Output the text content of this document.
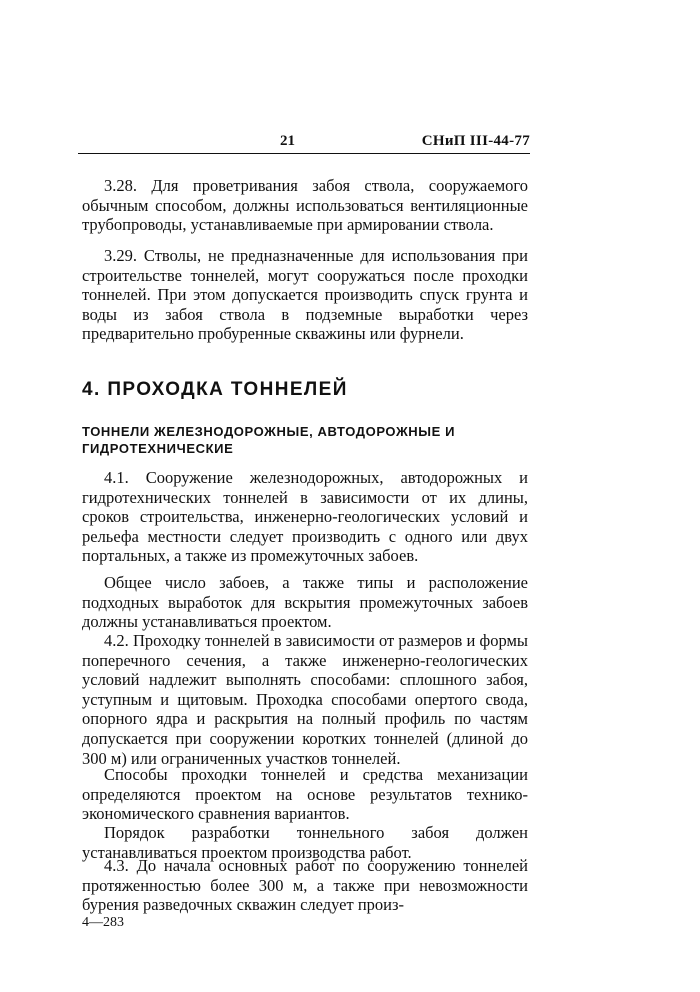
21	СНиП III-44-77
3.28. Для проветривания забоя ствола, сооружаемого обычным способом, должны использоваться вентиляционные трубопроводы, устанавливаемые при армировании ствола.
3.29. Стволы, не предназначенные для использования при строительстве тоннелей, могут сооружаться после проходки тоннелей. При этом допускается производить спуск грунта и воды из забоя ствола в подземные выработки через предварительно пробуренные скважины или фурнели.
4. ПРОХОДКА ТОННЕЛЕЙ
ТОННЕЛИ ЖЕЛЕЗНОДОРОЖНЫЕ, АВТОДОРОЖНЫЕ И ГИДРОТЕХНИЧЕСКИЕ
4.1. Сооружение железнодорожных, автодорожных и гидротехнических тоннелей в зависимости от их длины, сроков строительства, инженерно-геологических условий и рельефа местности следует производить с одного или двух портальных, а также из промежуточных забоев.
Общее число забоев, а также типы и расположение подходных выработок для вскрытия промежуточных забоев должны устанавливаться проектом.
4.2. Проходку тоннелей в зависимости от размеров и формы поперечного сечения, а также инженерно-геологических условий надлежит выполнять способами: сплошного забоя, уступным и щитовым. Проходка способами опертого свода, опорного ядра и раскрытия на полный профиль по частям допускается при сооружении коротких тоннелей (длиной до 300 м) или ограниченных участков тоннелей.
Способы проходки тоннелей и средства механизации определяются проектом на основе результатов технико-экономического сравнения вариантов.
Порядок разработки тоннельного забоя должен устанавливаться проектом производства работ.
4.3. До начала основных работ по сооружению тоннелей протяженностью более 300 м, а также при невозможности бурения разведочных скважин следует произ-
4—283
